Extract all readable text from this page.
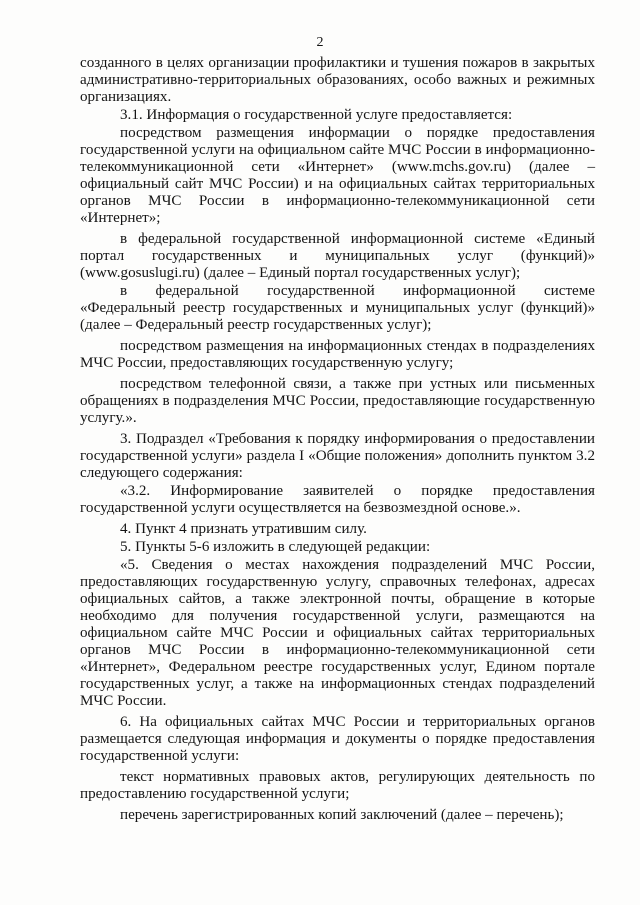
2

созданного в целях организации профилактики и тушения пожаров в закрытых административно-территориальных образованиях, особо важных и режимных организациях.

3.1. Информация о государственной услуге предоставляется:

посредством размещения информации о порядке предоставления государственной услуги на официальном сайте МЧС России в информационно-телекоммуникационной сети «Интернет» (www.mchs.gov.ru) (далее – официальный сайт МЧС России) и на официальных сайтах территориальных органов МЧС России в информационно-телекоммуникационной сети «Интернет»;

в федеральной государственной информационной системе «Единый портал государственных и муниципальных услуг (функций)» (www.gosuslugi.ru) (далее – Единый портал государственных услуг);

в федеральной государственной информационной системе «Федеральный реестр государственных и муниципальных услуг (функций)» (далее – Федеральный реестр государственных услуг);

посредством размещения на информационных стендах в подразделениях МЧС России, предоставляющих государственную услугу;

посредством телефонной связи, а также при устных или письменных обращениях в подразделения МЧС России, предоставляющие государственную услугу.».

3. Подраздел «Требования к порядку информирования о предоставлении государственной услуги» раздела I «Общие положения» дополнить пунктом 3.2 следующего содержания:

«3.2. Информирование заявителей о порядке предоставления государственной услуги осуществляется на безвозмездной основе.».

4. Пункт 4 признать утратившим силу.

5. Пункты 5-6 изложить в следующей редакции:

«5. Сведения о местах нахождения подразделений МЧС России, предоставляющих государственную услугу, справочных телефонах, адресах официальных сайтов, а также электронной почты, обращение в которые необходимо для получения государственной услуги, размещаются на официальном сайте МЧС России и официальных сайтах территориальных органов МЧС России в информационно-телекоммуникационной сети «Интернет», Федеральном реестре государственных услуг, Едином портале государственных услуг, а также на информационных стендах подразделений МЧС России.

6. На официальных сайтах МЧС России и территориальных органов размещается следующая информация и документы о порядке предоставления государственной услуги:

текст нормативных правовых актов, регулирующих деятельность по предоставлению государственной услуги;

перечень зарегистрированных копий заключений (далее – перечень);
